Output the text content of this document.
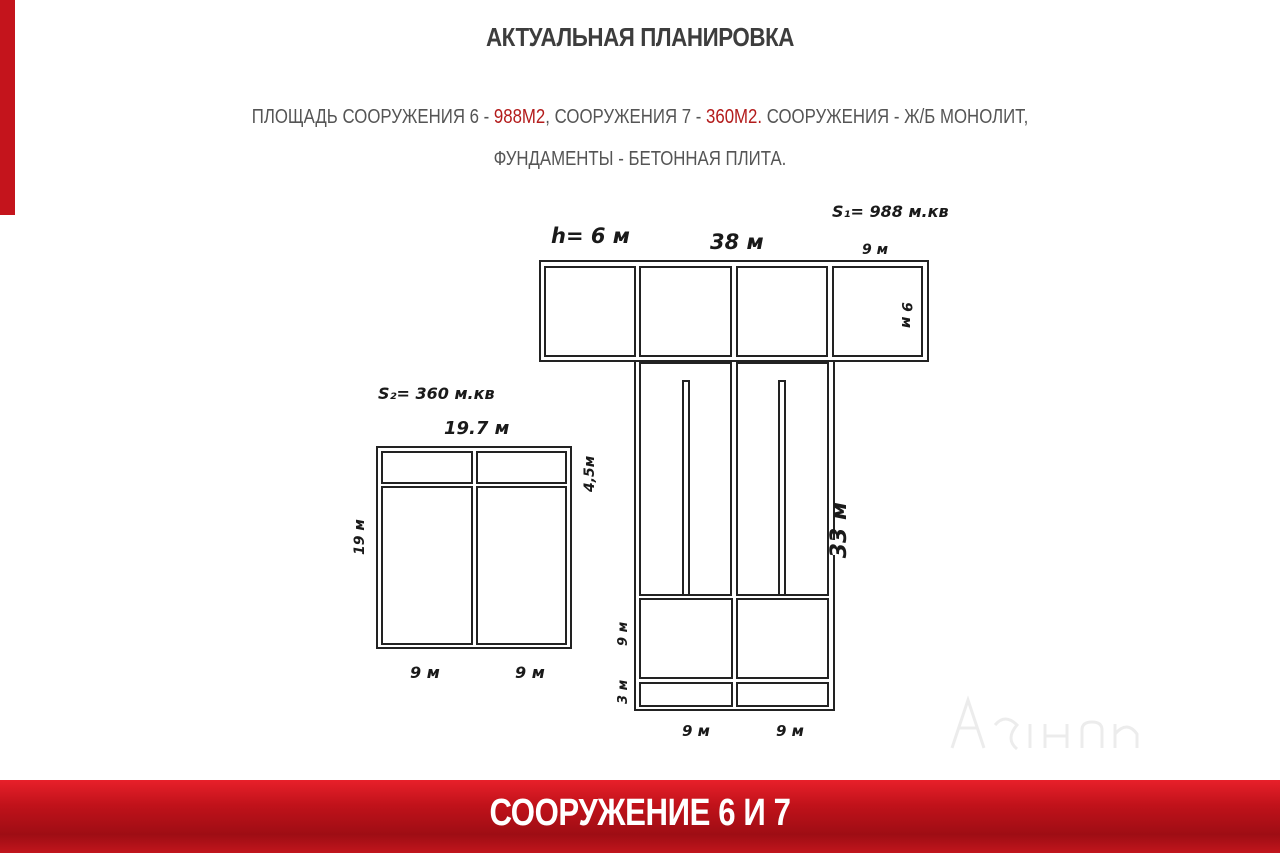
АКТУАЛЬНАЯ ПЛАНИРОВКА
ПЛОЩАДЬ СООРУЖЕНИЯ 6 - 988М2, СООРУЖЕНИЯ 7 - 360М2. СООРУЖЕНИЯ - Ж/Б МОНОЛИТ,
ФУНДАМЕНТЫ - БЕТОННАЯ ПЛИТА.
S₁= 988 м.кв
h= 6 м	38 м	9 м
9 м
33 м
9 м
3 м
9 м	9 м
S₂= 360 м.кв
19.7 м
4,5м
19 м
9 м	9 м
СООРУЖЕНИЕ 6 И 7
